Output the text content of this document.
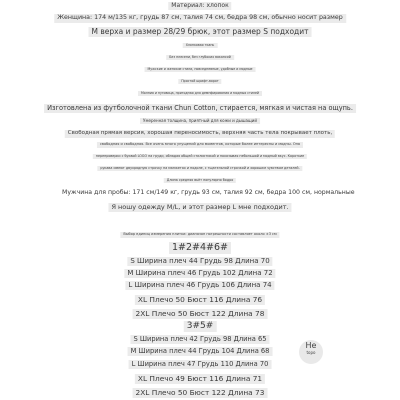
Материал: хлопок
Женщина: 174 м/135 кг, грудь 87 см, талия 74 см, бедра 98 см, обычно носит размер
М верха и размер 28/29 брюк, этот размер S подходит
Хлопковая ткань
Без плесени, без глубоких вакансий
Мужские и женские стили, повседневные, удобные и модные
Простой шрифт-ворот
Молния и пуговица, пригодная для демпфирования и модных стилей
Изготовлена из футболочной ткани Chun Cotton, стирается, мягкая и чистая на ощупь.
Умеренная толщина, приятный для кожи и дышащий
Свободная прямая версия, хорошая переносимость, верхняя часть тела покрывает плоть,
свободная и свободная. Все очень много упущений для моментов, которые более интересны и модны. Она
перепроверки с буквой LOGO на груди, обладая общей стилистикой и показывая небольшой и модный вкус. Короткие
рукава имеют двухрядную строчку на манжетах и подоле, с тщательной строчкой и хорошим чувством деталей.
Длина средняя вьёт популярно бодро
Мужчина для пробы: 171 см/149 кг, грудь 93 см, талия 92 см, бедра 100 см, нормальные
Я ношу одежду M/L, и этот размер L мне подходит.
Выбор единиц измерения плитки: диапазон погрешности составляет около ±3 см
1#2#4#6#
S Ширина плеч 44 Грудь 98 Длина 70
M Ширина плеч 46 Грудь 102 Длина 72
L Ширина плеч 46 Грудь 106 Длина 74
XL Плечо 50 Бюст 116 Длина 76
2XL Плечо 50 Бюст 122 Длина 78
3#5#
S Ширина плеч 42 Грудь 98 Длина 65
M Ширина плеч 44 Грудь 104 Длина 68
L Ширина плеч 47 Грудь 110 Длина 70
XL Плечо 49 Бюст 116 Длина 71
2XL Плечо 50 Бюст 122 Длина 73
Не
topo
